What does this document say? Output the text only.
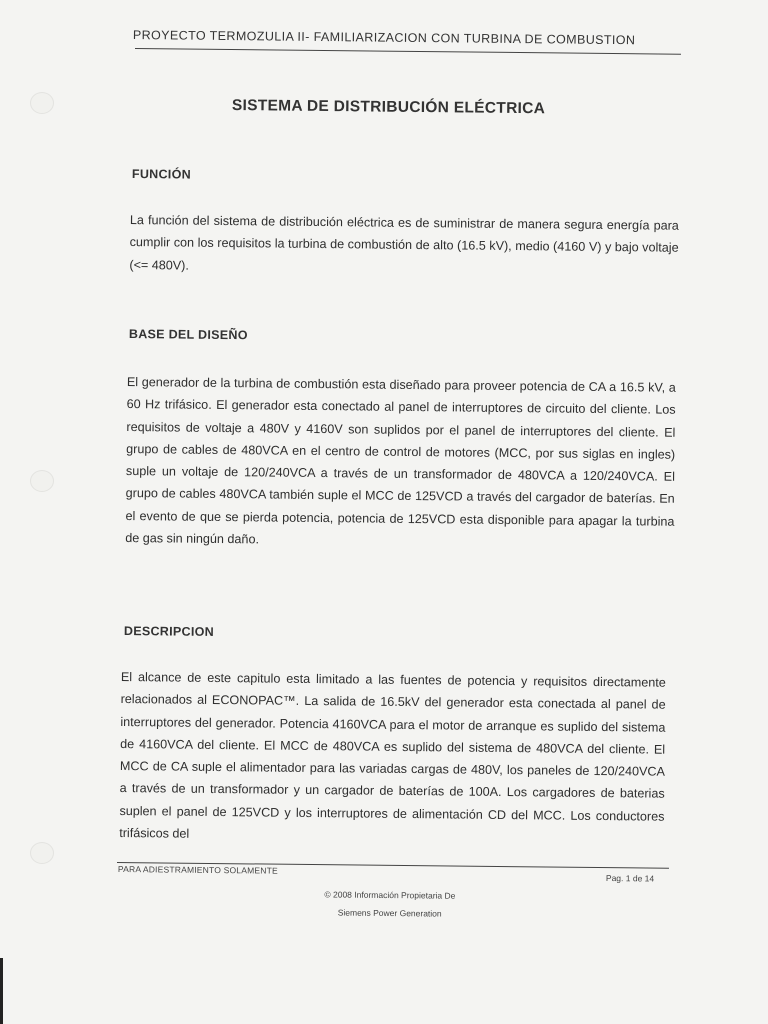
PROYECTO TERMOZULIA II- FAMILIARIZACION CON TURBINA DE COMBUSTION
SISTEMA DE DISTRIBUCIÓN ELÉCTRICA
FUNCIÓN

La función del sistema de distribución eléctrica es de suministrar de manera segura energía para cumplir con los requisitos la turbina de combustión de alto (16.5 kV), medio (4160 V) y bajo voltaje (<= 480V).

BASE DEL DISEÑO

El generador de la turbina de combustión esta diseñado para proveer potencia de CA a 16.5 kV, a 60 Hz trifásico. El generador esta conectado al panel de interruptores de circuito del cliente. Los requisitos de voltaje a 480V y 4160V son suplidos por el panel de interruptores del cliente. El grupo de cables de 480VCA en el centro de control de motores (MCC, por sus siglas en ingles) suple un voltaje de 120/240VCA a través de un transformador de 480VCA a 120/240VCA. El grupo de cables 480VCA también suple el MCC de 125VCD a través del cargador de baterías. En el evento de que se pierda potencia, potencia de 125VCD esta disponible para apagar la turbina de gas sin ningún daño.

DESCRIPCION

El alcance de este capitulo esta limitado a las fuentes de potencia y requisitos directamente relacionados al ECONOPAC™. La salida de 16.5kV del generador esta conectada al panel de interruptores del generador. Potencia 4160VCA para el motor de arranque es suplido del sistema de 4160VCA del cliente. El MCC de 480VCA es suplido del sistema de 480VCA del cliente. El MCC de CA suple el alimentador para las variadas cargas de 480V, los paneles de 120/240VCA a través de un transformador y un cargador de baterías de 100A. Los cargadores de baterias suplen el panel de 125VCD y los interruptores de alimentación CD del MCC. Los conductores trifásicos del

PARA ADIESTRAMIENTO SOLAMENTE
Pag. 1 de 14
© 2008 Información Propietaria De
Siemens Power Generation
